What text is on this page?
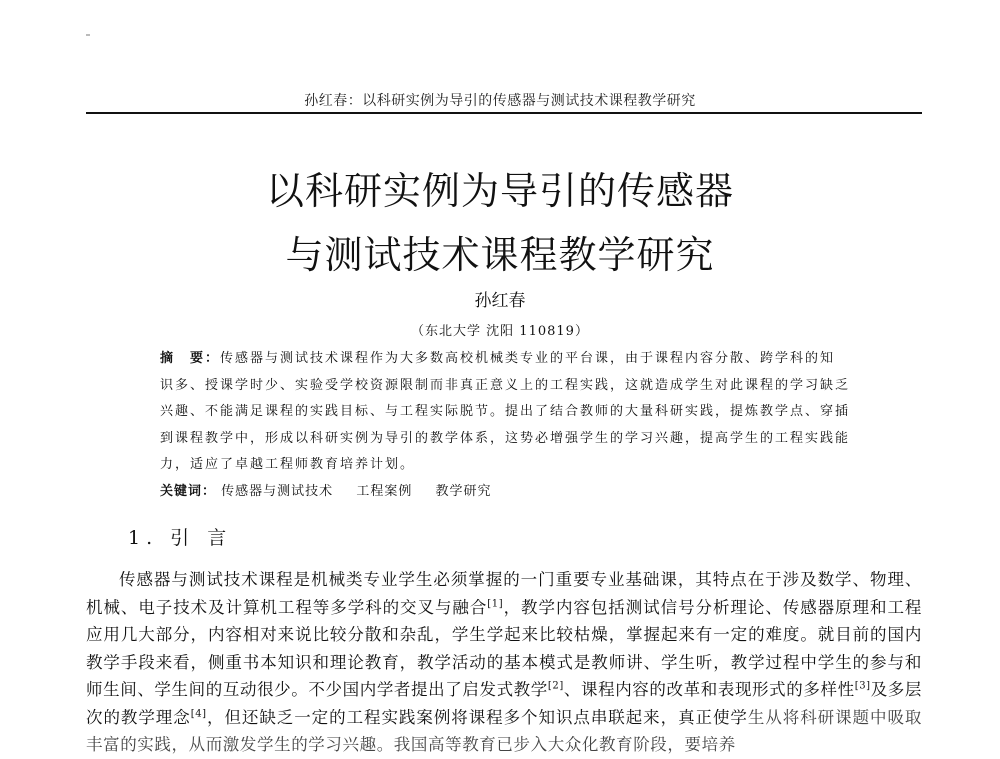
孙红春：以科研实例为导引的传感器与测试技术课程教学研究
以科研实例为导引的传感器
与测试技术课程教学研究
孙红春
（东北大学 沈阳 110819）
摘　要：传感器与测试技术课程作为大多数高校机械类专业的平台课，由于课程内容分散、跨学科的知识多、授课学时少、实验受学校资源限制而非真正意义上的工程实践，这就造成学生对此课程的学习缺乏兴趣、不能满足课程的实践目标、与工程实际脱节。提出了结合教师的大量科研实践，提炼教学点、穿插到课程教学中，形成以科研实例为导引的教学体系，这势必增强学生的学习兴趣，提高学生的工程实践能力，适应了卓越工程师教育培养计划。
关键词： 传感器与测试技术 工程案例 教学研究
1. 引 言
传感器与测试技术课程是机械类专业学生必须掌握的一门重要专业基础课，其特点在于涉及数学、物理、机械、电子技术及计算机工程等多学科的交叉与融合[1]，教学内容包括测试信号分析理论、传感器原理和工程应用几大部分，内容相对来说比较分散和杂乱，学生学起来比较枯燥，掌握起来有一定的难度。就目前的国内教学手段来看，侧重书本知识和理论教育，教学活动的基本模式是教师讲、学生听，教学过程中学生的参与和师生间、学生间的互动很少。不少国内学者提出了启发式教学[2]、课程内容的改革和表现形式的多样性[3]及多层次的教学理念[4]，但还缺乏一定的工程实践案例将课程多个知识点串联起来，真正使学生从将科研课题中吸取丰富的实践，从而激发学生的学习兴趣。我国高等教育已步入大众化教育阶段，要培养
